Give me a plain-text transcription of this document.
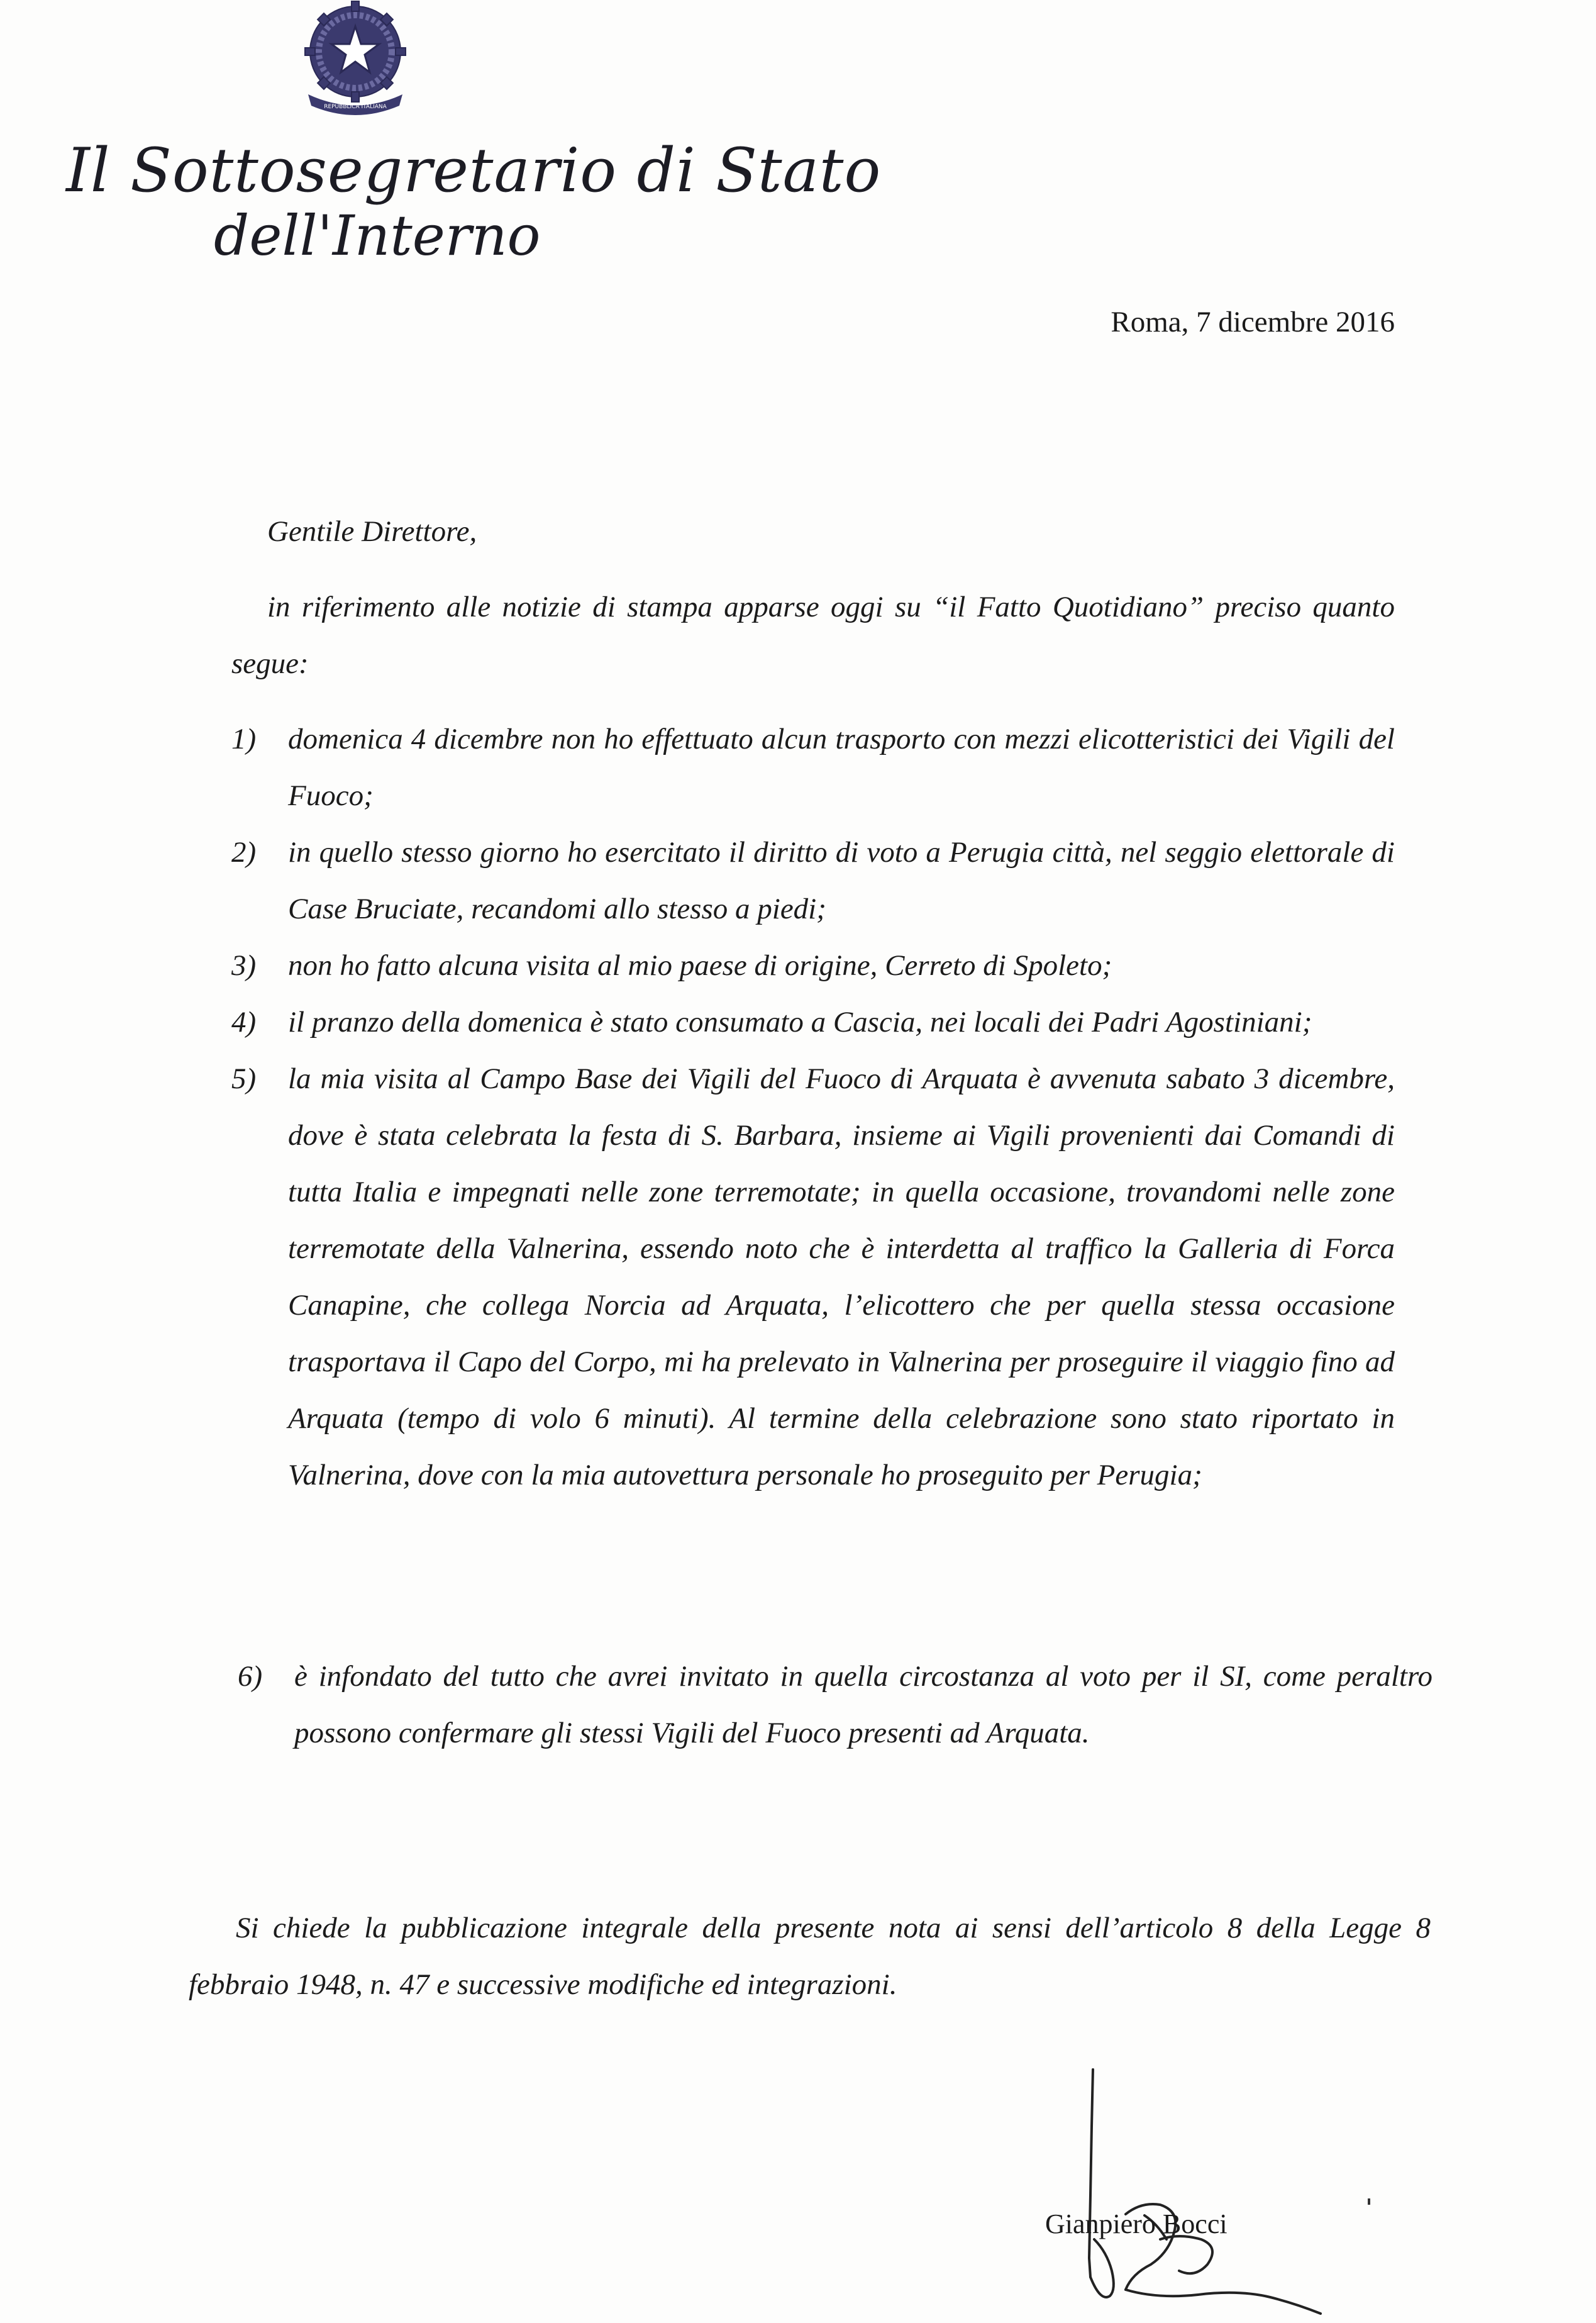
REPUBBLICA ITALIANA
Il Sottosegretario di Stato
dell'Interno
Roma, 7 dicembre 2016
Gentile Direttore,

in riferimento alle notizie di stampa apparse oggi su “il Fatto Quotidiano” preciso quanto segue:

1)	domenica 4 dicembre non ho effettuato alcun trasporto con mezzi elicotteristici dei Vigili del Fuoco;
2)	in quello stesso giorno ho esercitato il diritto di voto a Perugia città, nel seggio elettorale di Case Bruciate, recandomi allo stesso a piedi;
3)	non ho fatto alcuna visita al mio paese di origine, Cerreto di Spoleto;
4)	il pranzo della domenica è stato consumato a Cascia, nei locali dei Padri Agostiniani;
5)	la mia visita al Campo Base dei Vigili del Fuoco di Arquata è avvenuta sabato 3 dicembre, dove è stata celebrata la festa di S. Barbara, insieme ai Vigili provenienti dai Comandi di tutta Italia e impegnati nelle zone terremotate; in quella occasione, trovandomi nelle zone terremotate della Valnerina, essendo noto che è interdetta al traffico la Galleria di Forca Canapine, che collega Norcia ad Arquata, l’elicottero che per quella stessa occasione trasportava il Capo del Corpo, mi ha prelevato in Valnerina per proseguire il viaggio fino ad Arquata (tempo di volo 6 minuti). Al termine della celebrazione sono stato riportato in Valnerina, dove con la mia autovettura personale ho proseguito per Perugia;
6)	è infondato del tutto che avrei invitato in quella circostanza al voto per il SI, come peraltro possono confermare gli stessi Vigili del Fuoco presenti ad Arquata.

Si chiede la pubblicazione integrale della presente nota ai sensi dell’articolo 8 della Legge 8 febbraio 1948, n. 47 e successive modifiche ed integrazioni.

Gianpiero Bocci
